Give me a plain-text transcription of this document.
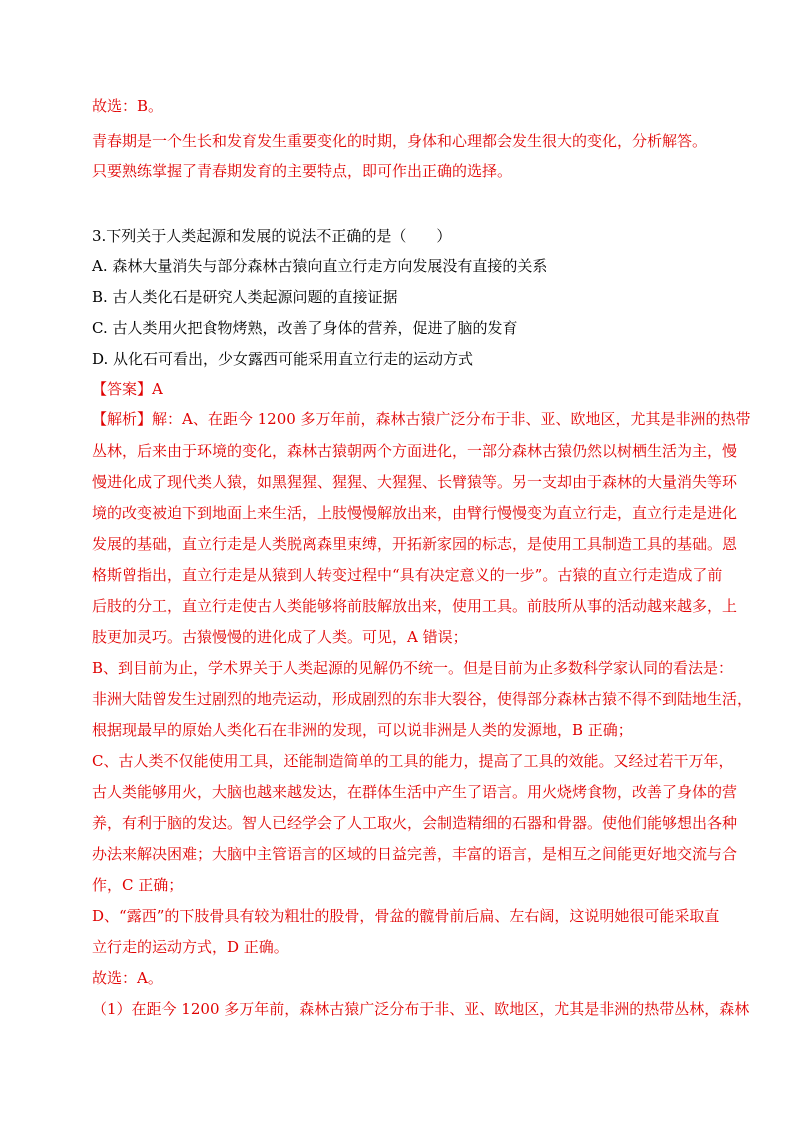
故选：B。

青春期是一个生长和发育发生重要变化的时期，身体和心理都会发生很大的变化，分析解答。

只要熟练掌握了青春期发育的主要特点，即可作出正确的选择。

3.下列关于人类起源和发展的说法不正确的是（　　）

A. 森林大量消失与部分森林古猿向直立行走方向发展没有直接的关系

B. 古人类化石是研究人类起源问题的直接证据

C. 古人类用火把食物烤熟，改善了身体的营养，促进了脑的发育

D. 从化石可看出，少女露西可能采用直立行走的运动方式

【答案】A

【解析】解：A、在距今 1200 多万年前，森林古猿广泛分布于非、亚、欧地区，尤其是非洲的热带

丛林，后来由于环境的变化，森林古猿朝两个方面进化，一部分森林古猿仍然以树栖生活为主，慢

慢进化成了现代类人猿，如黑猩猩、猩猩、大猩猩、长臂猿等。另一支却由于森林的大量消失等环

境的改变被迫下到地面上来生活，上肢慢慢解放出来，由臂行慢慢变为直立行走，直立行走是进化

发展的基础，直立行走是人类脱离森里束缚，开拓新家园的标志，是使用工具制造工具的基础。恩

格斯曾指出，直立行走是从猿到人转变过程中“具有决定意义的一步”。古猿的直立行走造成了前

后肢的分工，直立行走使古人类能够将前肢解放出来，使用工具。前肢所从事的活动越来越多，上

肢更加灵巧。古猿慢慢的进化成了人类。可见，A 错误；

B、到目前为止，学术界关于人类起源的见解仍不统一。但是目前为止多数科学家认同的看法是：

非洲大陆曾发生过剧烈的地壳运动，形成剧烈的东非大裂谷，使得部分森林古猿不得不到陆地生活，

根据现最早的原始人类化石在非洲的发现，可以说非洲是人类的发源地，B 正确；

C、古人类不仅能使用工具，还能制造简单的工具的能力，提高了工具的效能。又经过若干万年，

古人类能够用火，大脑也越来越发达，在群体生活中产生了语言。用火烧烤食物，改善了身体的营

养，有利于脑的发达。智人已经学会了人工取火，会制造精细的石器和骨器。使他们能够想出各种

办法来解决困难；大脑中主管语言的区域的日益完善，丰富的语言，是相互之间能更好地交流与合

作，C 正确；

D、“露西”的下肢骨具有较为粗壮的股骨，骨盆的髋骨前后扁、左右阔，这说明她很可能采取直

立行走的运动方式，D 正确。

故选：A。

（1）在距今 1200 多万年前，森林古猿广泛分布于非、亚、欧地区，尤其是非洲的热带丛林，森林
